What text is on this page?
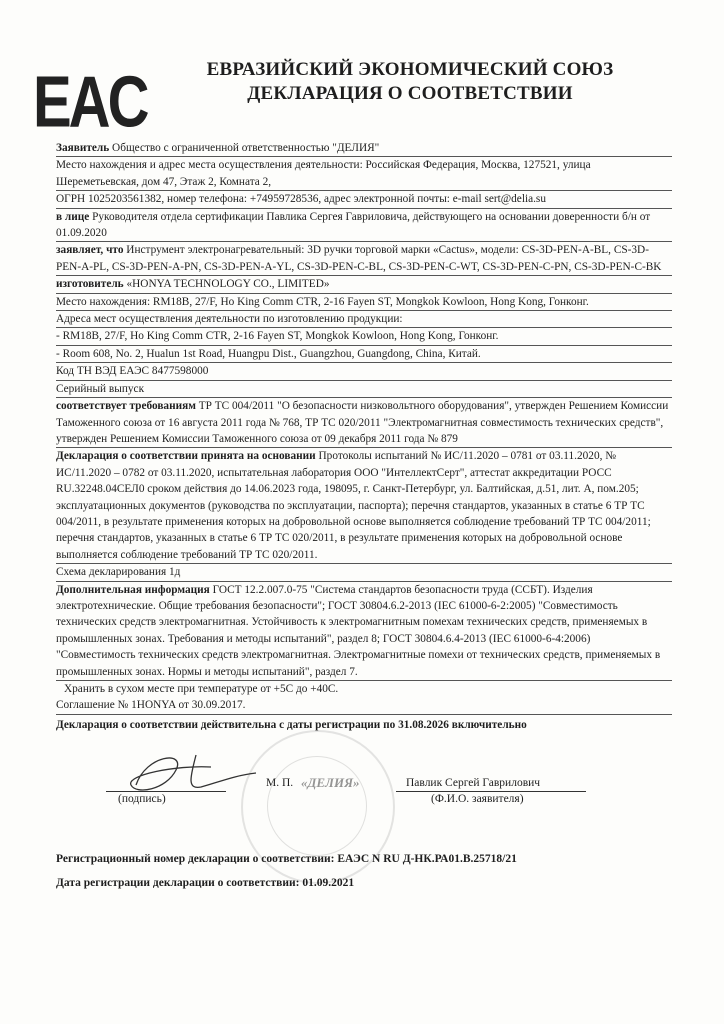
EAC	ЕВРАЗИЙСКИЙ ЭКОНОМИЧЕСКИЙ СОЮЗ
ДЕКЛАРАЦИЯ О СООТВЕТСТВИИ

Заявитель Общество с ограниченной ответственностью "ДЕЛИЯ"

Место нахождения и адрес места осуществления деятельности: Российская Федерация, Москва, 127521, улица Шереметьевская, дом 47, Этаж 2, Комната 2,

ОГРН 1025203561382, номер телефона: +74959728536, адрес электронной почты: e-mail sert@delia.su

в лице Руководителя отдела сертификации Павлика Сергея Гавриловича, действующего на основании доверенности б/н от 01.09.2020

заявляет, что Инструмент электронагревательный: 3D ручки торговой марки «Cactus», модели: CS-3D-PEN-A-BL, CS-3D-PEN-A-PL, CS-3D-PEN-A-PN, CS-3D-PEN-A-YL, CS-3D-PEN-C-BL, CS-3D-PEN-C-WT, CS-3D-PEN-C-PN, CS-3D-PEN-C-BK

изготовитель «HONYA TECHNOLOGY CO., LIMITED»

Место нахождения: RM18B, 27/F, Ho King Comm CTR, 2-16 Fayen ST, Mongkok Kowloon, Hong Kong, Гонконг.

Адреса мест осуществления деятельности по изготовлению продукции:

- RM18B, 27/F, Ho King Comm CTR, 2-16 Fayen ST, Mongkok Kowloon, Hong Kong, Гонконг.

- Room 608, No. 2, Hualun 1st Road, Huangpu Dist., Guangzhou, Guangdong, China, Китай.

Код ТН ВЭД ЕАЭС 8477598000

Серийный выпуск

соответствует требованиям ТР ТС 004/2011 "О безопасности низковольтного оборудования", утвержден Решением Комиссии Таможенного союза от 16 августа 2011 года № 768, ТР ТС 020/2011 "Электромагнитная совместимость технических средств", утвержден Решением Комиссии Таможенного союза от 09 декабря 2011 года № 879

Декларация о соответствии принята на основании Протоколы испытаний № ИС/11.2020 – 0781 от 03.11.2020, № ИС/11.2020 – 0782 от 03.11.2020, испытательная лаборатория ООО "ИнтеллектСерт", аттестат аккредитации РОСС RU.32248.04СЕЛ0 сроком действия до 14.06.2023 года, 198095, г. Санкт-Петербург, ул. Балтийская, д.51, лит. А, пом.205; эксплуатационных документов (руководства по эксплуатации, паспорта); перечня стандартов, указанных в статье 6 ТР ТС 004/2011, в результате применения которых на добровольной основе выполняется соблюдение требований ТР ТС 004/2011; перечня стандартов, указанных в статье 6 ТР ТС 020/2011, в результате применения которых на добровольной основе выполняется соблюдение требований ТР ТС 020/2011.

Схема декларирования 1д

Дополнительная информация ГОСТ 12.2.007.0-75 "Система стандартов безопасности труда (ССБТ). Изделия электротехнические. Общие требования безопасности"; ГОСТ 30804.6.2-2013 (IEC 61000-6-2:2005) "Совместимость технических средств электромагнитная. Устойчивость к электромагнитным помехам технических средств, применяемых в промышленных зонах. Требования и методы испытаний", раздел 8; ГОСТ 30804.6.4-2013 (IEC 61000-6-4:2006) "Совместимость технических средств электромагнитная. Электромагнитные помехи от технических средств, применяемых в промышленных зонах. Нормы и методы испытаний", раздел 7.

Хранить в сухом месте при температуре от +5С до +40С.

Соглашение № 1HONYA от 30.09.2017.

Декларация о соответствии действительна с даты регистрации по 31.08.2026 включительно

«ДЕЛИЯ»
(подпись)
М. П.	Павлик Сергей Гаврилович
(Ф.И.О. заявителя)
Регистрационный номер декларации о соответствии: ЕАЭС N RU Д-НК.РА01.В.25718/21
Дата регистрации декларации о соответствии: 01.09.2021
